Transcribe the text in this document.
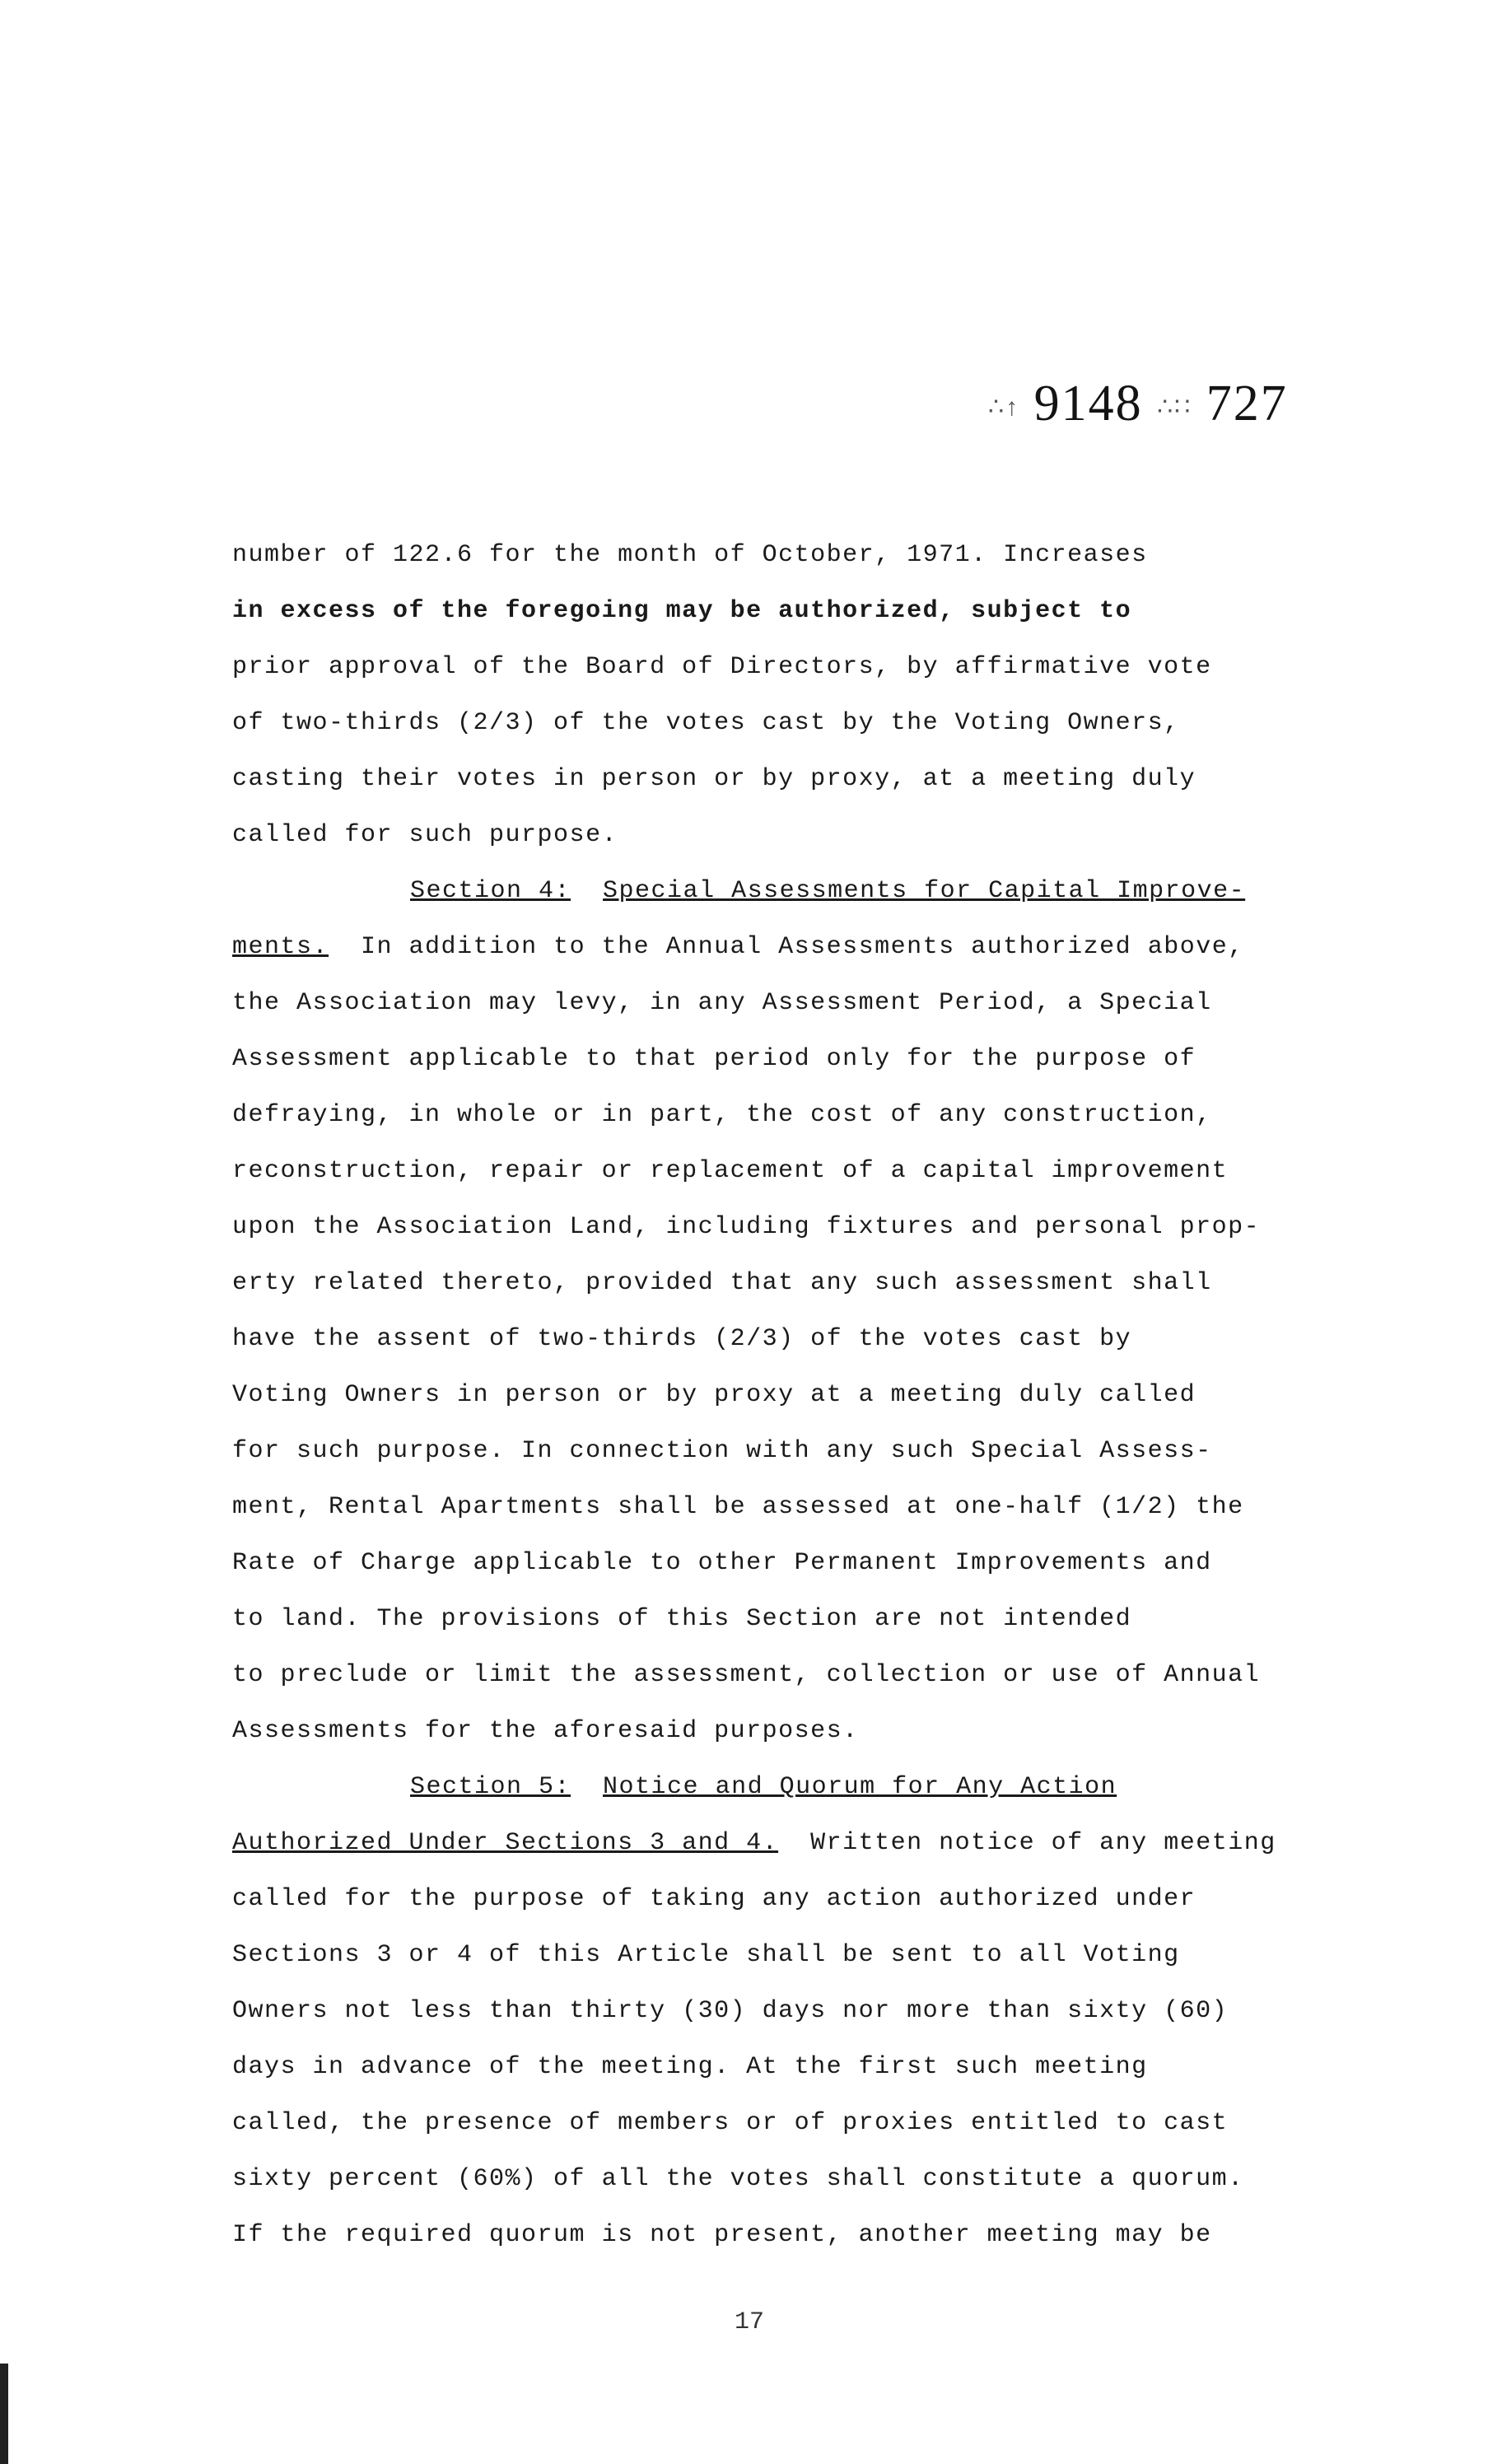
∴↑ 9148 ∴∷ 727
number of 122.6 for the month of October, 1971. Increases
in excess of the foregoing may be authorized, subject to
prior approval of the Board of Directors, by affirmative vote
of two-thirds (2/3) of the votes cast by the Voting Owners,
casting their votes in person or by proxy, at a meeting duly
called for such purpose.
Section 4: Special Assessments for Capital Improve-
ments. In addition to the Annual Assessments authorized above,
the Association may levy, in any Assessment Period, a Special
Assessment applicable to that period only for the purpose of
defraying, in whole or in part, the cost of any construction,
reconstruction, repair or replacement of a capital improvement
upon the Association Land, including fixtures and personal prop-
erty related thereto, provided that any such assessment shall
have the assent of two-thirds (2/3) of the votes cast by
Voting Owners in person or by proxy at a meeting duly called
for such purpose. In connection with any such Special Assess-
ment, Rental Apartments shall be assessed at one-half (1/2) the
Rate of Charge applicable to other Permanent Improvements and
to land. The provisions of this Section are not intended
to preclude or limit the assessment, collection or use of Annual
Assessments for the aforesaid purposes.
Section 5: Notice and Quorum for Any Action
Authorized Under Sections 3 and 4. Written notice of any meeting
called for the purpose of taking any action authorized under
Sections 3 or 4 of this Article shall be sent to all Voting
Owners not less than thirty (30) days nor more than sixty (60)
days in advance of the meeting. At the first such meeting
called, the presence of members or of proxies entitled to cast
sixty percent (60%) of all the votes shall constitute a quorum.
If the required quorum is not present, another meeting may be
17
